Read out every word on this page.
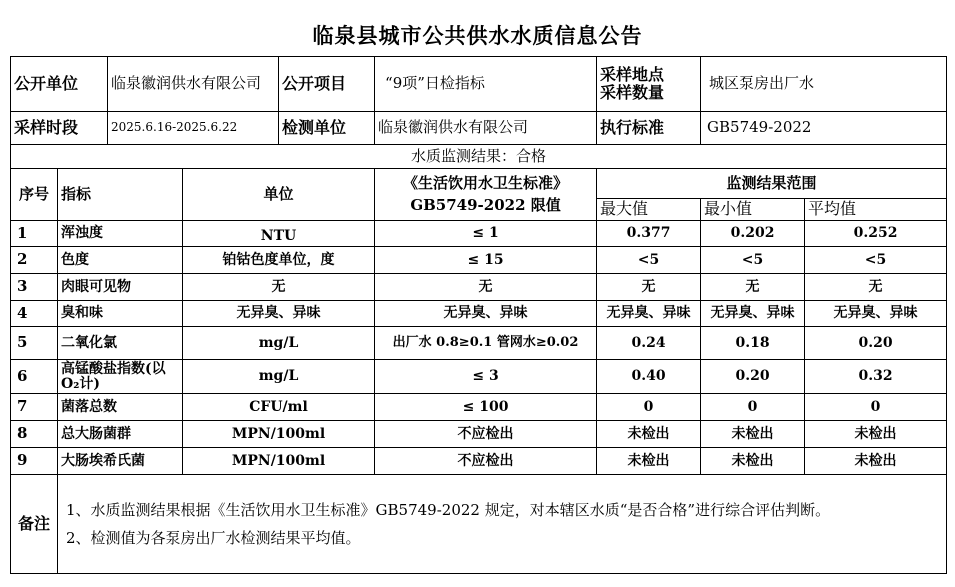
临泉县城市公共供水水质信息公告
公开单位		临泉徽润供水有限公司		公开项目	“9项”日检指标	采样地点
采样数量	城区泵房出厂水	
采样时段		2025.6.16-2025.6.22		检测单位	临泉徽润供水有限公司	执行标准	GB5749-2022	
水质监测结果：合格								
序号	指标		单位		《生活饮用水卫生标准》
GB5749-2022 限值	监测结果范围		
						最大值	最小值	平均值
1	浑浊度		NTU		≤ 1	0.377	0.202	0.252
2	色度		铂钴色度单位，度		≤ 15	<5	<5	<5
3	肉眼可见物		无		无	无	无	无
4	臭和味		无异臭、异味		无异臭、异味	无异臭、异味	无异臭、异味	无异臭、异味
5	二氧化氯		mg/L		出厂水 0.8≥0.1 管网水≥0.02	0.24	0.18	0.20
6	高锰酸盐指数(以O₂计)		mg/L		≤ 3	0.40	0.20	0.32
7	菌落总数		CFU/ml		≤ 100	0	0	0
8	总大肠菌群		MPN/100ml		不应检出	未检出	未检出	未检出
9	大肠埃希氏菌		MPN/100ml		不应检出	未检出	未检出	未检出
备注	1、水质监测结果根据《生活饮用水卫生标准》GB5749-2022 规定，对本辖区水质“是否合格”进行综合评估判断。
2、检测值为各泵房出厂水检测结果平均值。							
